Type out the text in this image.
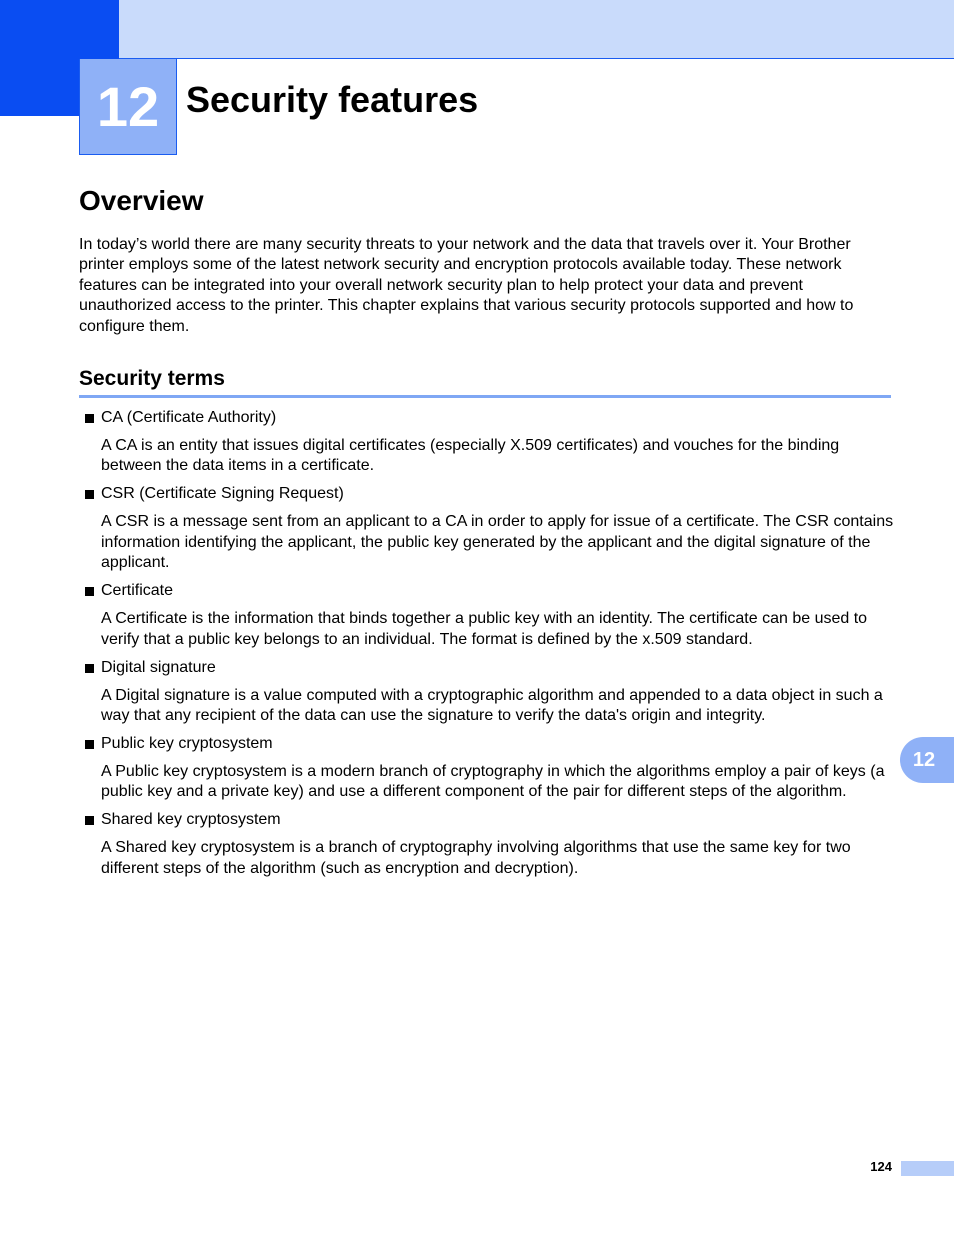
12 Security features
Overview

In today’s world there are many security threats to your network and the data that travels over it. Your Brother printer employs some of the latest network security and encryption protocols available today. These network features can be integrated into your overall network security plan to help protect your data and prevent unauthorized access to the printer. This chapter explains that various security protocols supported and how to configure them.

Security terms
CA (Certificate Authority)

A CA is an entity that issues digital certificates (especially X.509 certificates) and vouches for the binding between the data items in a certificate.

CSR (Certificate Signing Request)

A CSR is a message sent from an applicant to a CA in order to apply for issue of a certificate. The CSR contains information identifying the applicant, the public key generated by the applicant and the digital signature of the applicant.

Certificate

A Certificate is the information that binds together a public key with an identity. The certificate can be used to verify that a public key belongs to an individual. The format is defined by the x.509 standard.

Digital signature

A Digital signature is a value computed with a cryptographic algorithm and appended to a data object in such a way that any recipient of the data can use the signature to verify the data's origin and integrity.

Public key cryptosystem

A Public key cryptosystem is a modern branch of cryptography in which the algorithms employ a pair of keys (a public key and a private key) and use a different component of the pair for different steps of the algorithm.

Shared key cryptosystem

A Shared key cryptosystem is a branch of cryptography involving algorithms that use the same key for two different steps of the algorithm (such as encryption and decryption).

12
124
